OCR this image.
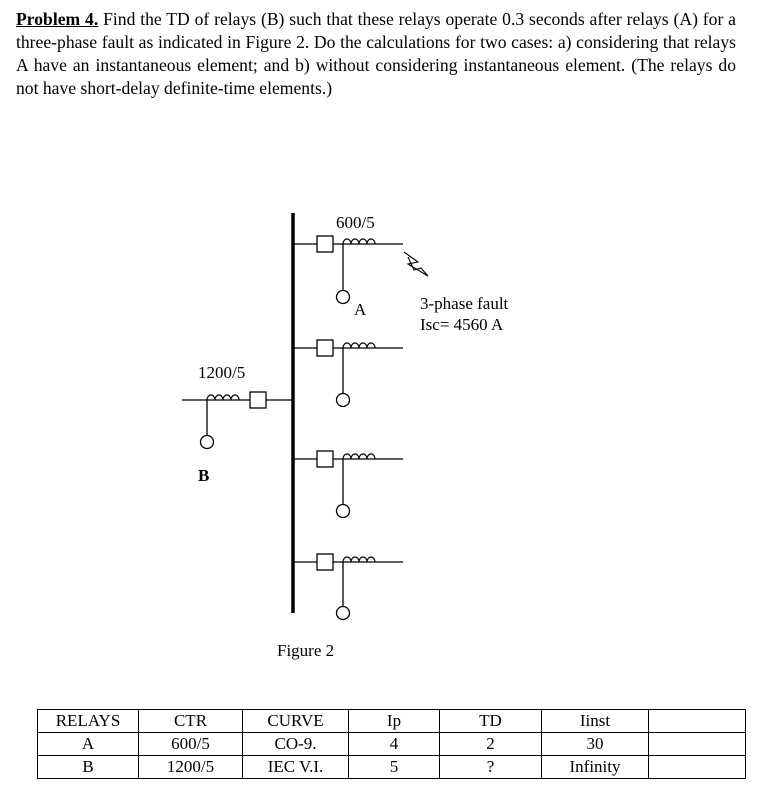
Problem 4. Find the TD of relays (B) such that these relays operate 0.3 seconds after relays (A) for a three-phase fault as indicated in Figure 2. Do the calculations for two cases: a) considering that relays A have an instantaneous element; and b) without considering instantaneous element. (The relays do not have short-delay definite-time elements.)

600/5
A	3-phase fault
Isc= 4560 A
1200/5
B
Figure 2
RELAYS	CTR	CURVE	Ip	TD	Iinst	
A	600/5	CO-9.	4	2	30	
B	1200/5	IEC V.I.	5	?	Infinity	
